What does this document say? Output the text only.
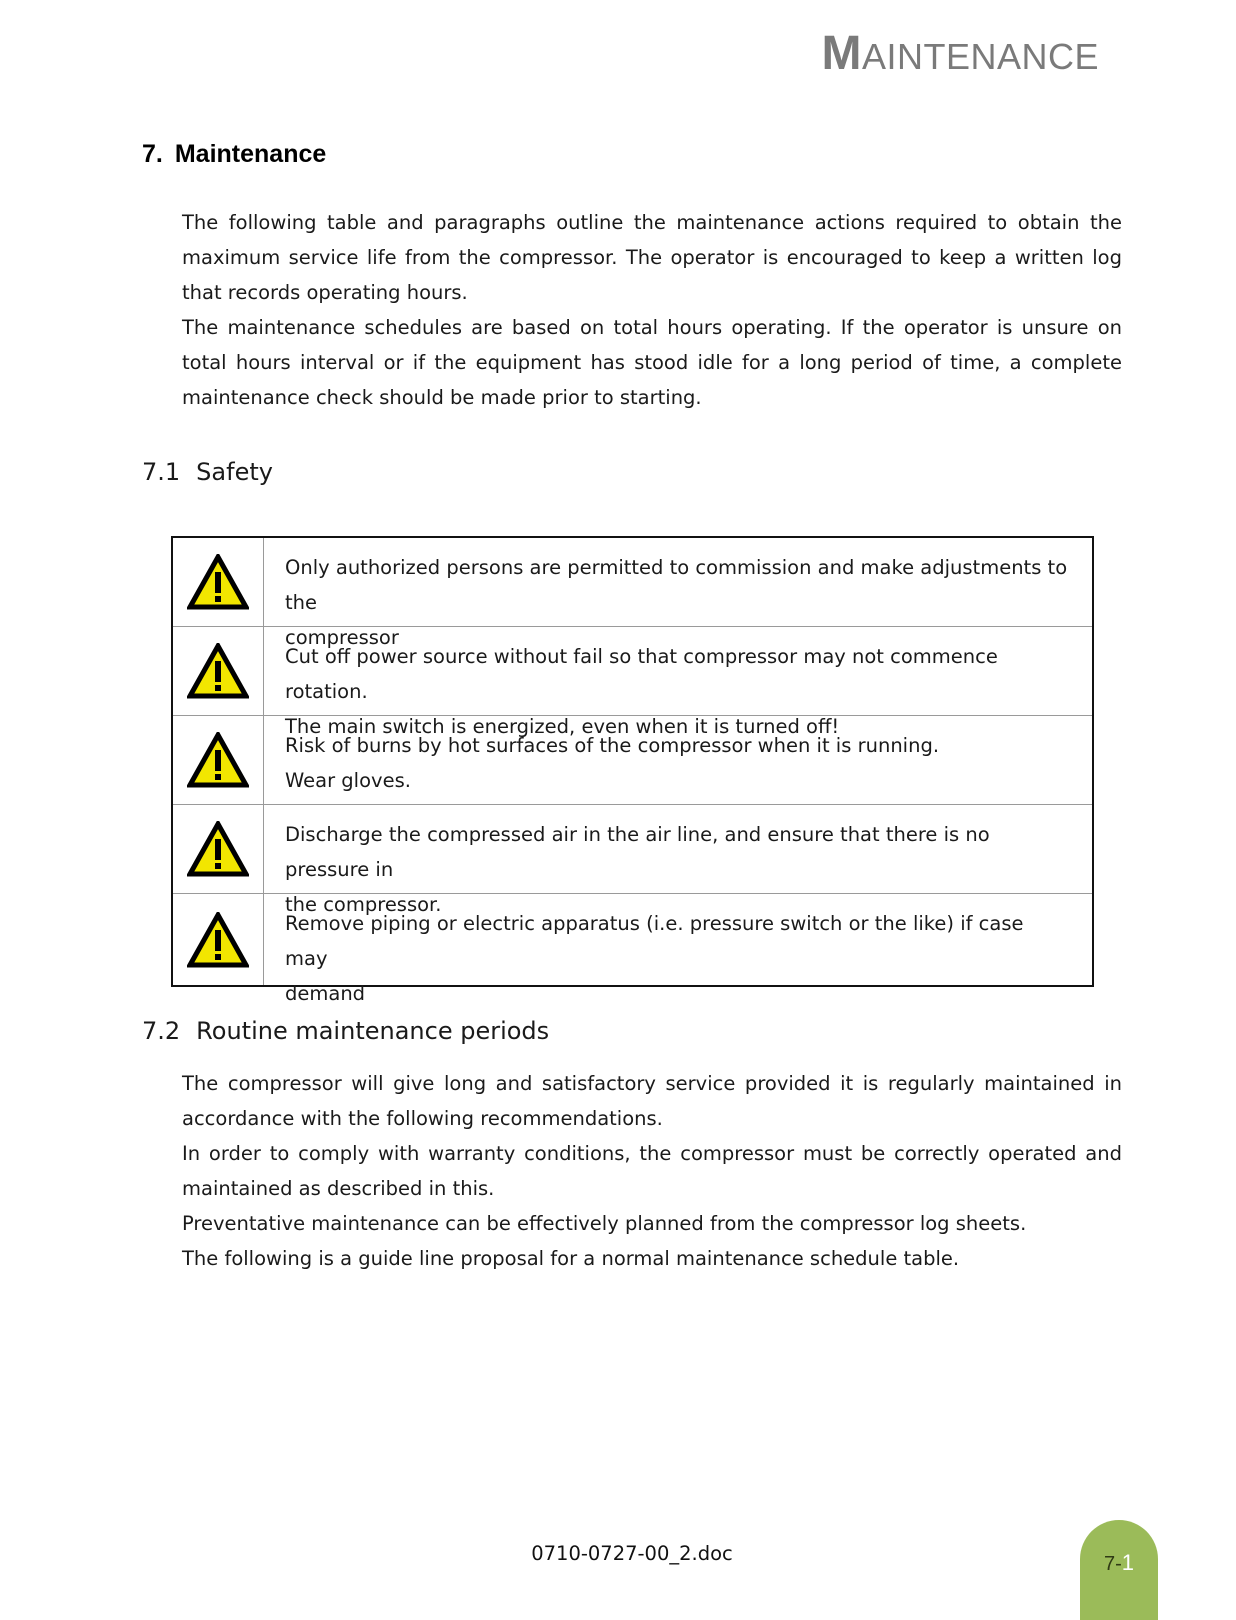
MAINTENANCE
7. Maintenance

The following table and paragraphs outline the maintenance actions required to obtain the maximum service life from the compressor. The operator is encouraged to keep a written log that records operating hours.

The maintenance schedules are based on total hours operating. If the operator is unsure on total hours interval or if the equipment has stood idle for a long period of time, a complete maintenance check should be made prior to starting.

7.1 Safety
Only authorized persons are permitted to commission and make adjustments to the
compressor
Cut off power source without fail so that compressor may not commence rotation.
The main switch is energized, even when it is turned off!
Risk of burns by hot surfaces of the compressor when it is running.
Wear gloves.
Discharge the compressed air in the air line, and ensure that there is no pressure in
the compressor.
Remove piping or electric apparatus (i.e. pressure switch or the like) if case may
demand
7.2 Routine maintenance periods

The compressor will give long and satisfactory service provided it is regularly maintained in accordance with the following recommendations.

In order to comply with warranty conditions, the compressor must be correctly operated and maintained as described in this.

Preventative maintenance can be effectively planned from the compressor log sheets.

The following is a guide line proposal for a normal maintenance schedule table.

0710-0727-00_2.doc	7-1
